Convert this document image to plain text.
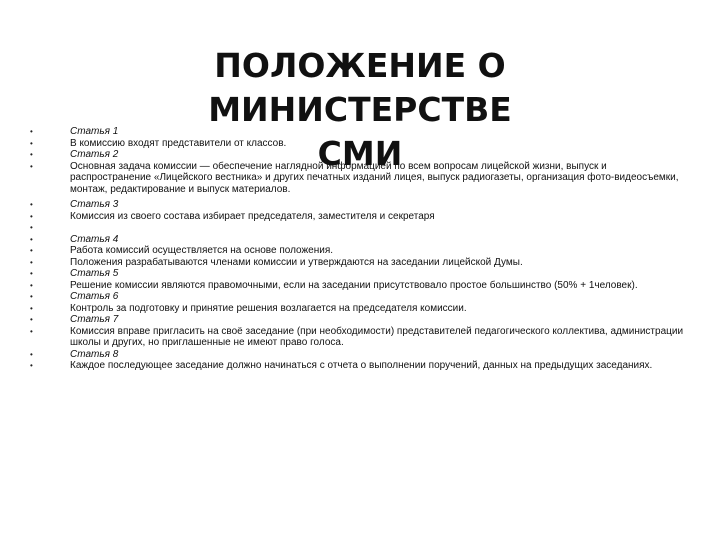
ПОЛОЖЕНИЕ О МИНИСТЕРСТВЕ
СМИ
•	Статья 1
•	В комиссию входят представители от классов.
•	Статья 2
•	Основная задача комиссии — обеспечение наглядной информацией по всем вопросам лицейской жизни, выпуск и распространение «Лицейского вестника» и других печатных изданий лицея, выпуск радиогазеты, организация фото-видеосъемки, монтаж, редактирование и выпуск материалов.
•	Статья 3
•	Комиссия из своего состава избирает председателя, заместителя и секретаря
•
•	Статья 4
•	Работа комиссий осуществляется на основе положения.
•	Положения разрабатываются членами комиссии и утверждаются на заседании лицейской Думы.
•	Статья 5
•	Решение комиссии являются правомочными, если на заседании присутствовало простое большинство (50% + 1человек).
•	Статья 6
•	Контроль за подготовку и принятие решения возлагается на председателя комиссии.
•	Статья 7
•	Комиссия вправе пригласить на своё заседание (при необходимости) представителей педагогического коллектива, администрации школы и других, но приглашенные не имеют право голоса.
•	Статья 8
•	Каждое последующее заседание должно начинаться с отчета о выполнении поручений, данных на предыдущих заседаниях.
